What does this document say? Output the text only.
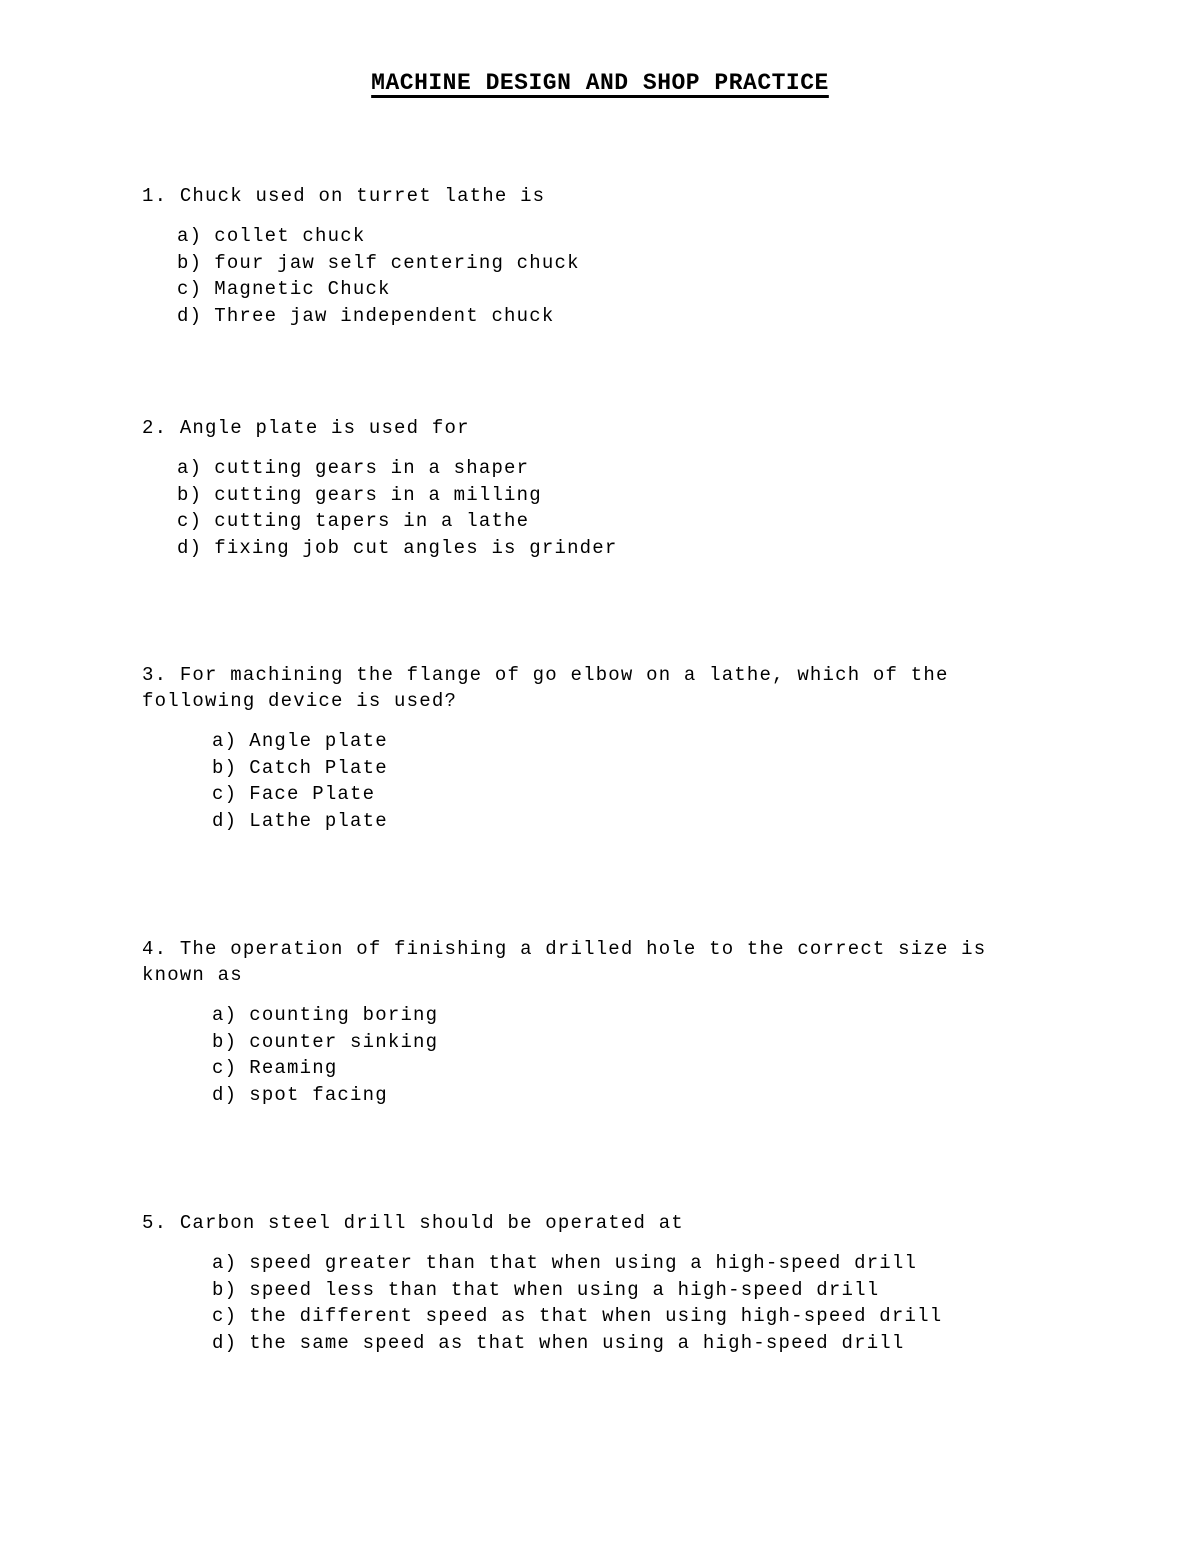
MACHINE DESIGN AND SHOP PRACTICE

1. Chuck used on turret lathe is

a) collet chuck
b) four jaw self centering chuck
c) Magnetic Chuck
d) Three jaw independent chuck

2. Angle plate is used for

a) cutting gears in a shaper
b) cutting gears in a milling
c) cutting tapers in a lathe
d) fixing job cut angles is grinder

3. For machining the flange of go elbow on a lathe, which of the following device is used?

a) Angle plate
b) Catch Plate
c) Face Plate
d) Lathe plate

4. The operation of finishing a drilled hole to the correct size is known as

a) counting boring
b) counter sinking
c) Reaming
d) spot facing

5. Carbon steel drill should be operated at

a) speed greater than that when using a high-speed drill
b) speed less than that when using a high-speed drill
c) the different speed as that when using high-speed drill
d) the same speed as that when using a high-speed drill
